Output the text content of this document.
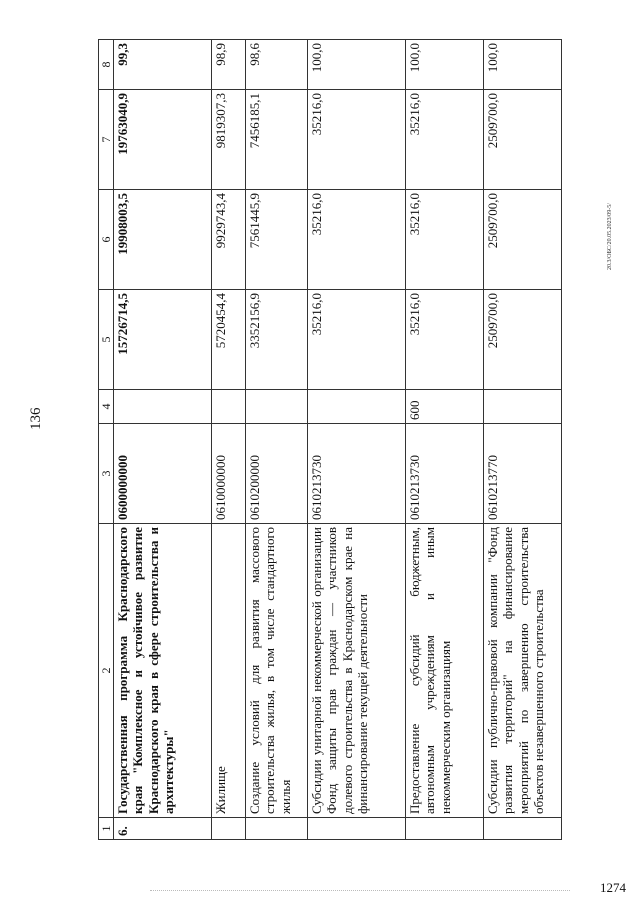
136
20.3/ОБС/20.05.2023/09-5/
1274
1	2	3	4	5	6	7	8
6.	Государственная программа Краснодарского края "Комплексное и устойчивое развитие Краснодарского края в сфере строительства и архитектуры"	0600000000		15726714,5	19908003,5	19763040,9	99,3
	Жилище	0610000000		5720454,4	9929743,4	9819307,3	98,9
	Создание условий для развития массового строительства жилья, в том числе стандартного жилья	0610200000		3352156,9	7561445,9	7456185,1	98,6
	Субсидии унитарной некоммерческой организации Фонд защиты прав граждан — участников долевого строительства в Краснодарском крае на финансирование текущей деятельности	0610213730		35216,0	35216,0	35216,0	100,0
	Предоставление субсидий бюджетным, автономным учреждениям и иным некоммерческим организациям	0610213730	600	35216,0	35216,0	35216,0	100,0
	Субсидии публично-правовой компании "Фонд развития территорий" на финансирование мероприятий по завершению строительства объектов незавершенного строительства	0610213770		2509700,0	2509700,0	2509700,0	100,0
